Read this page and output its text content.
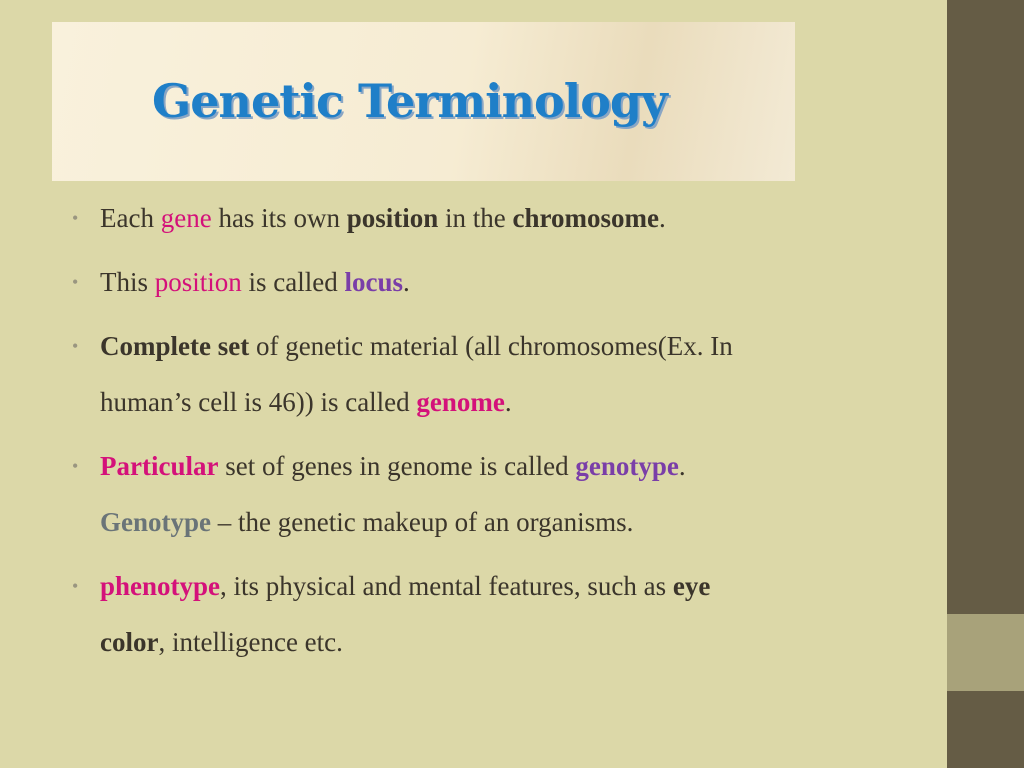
Genetic Terminology

• Each gene has its own position in the chromosome.

• This position is called locus.

• Complete set of genetic material (all chromosomes(Ex. In
human’s cell is 46)) is called genome.

• Particular set of genes in genome is called genotype.
Genotype – the genetic makeup of an organisms.

• phenotype, its physical and mental features, such as eye
color, intelligence etc.
